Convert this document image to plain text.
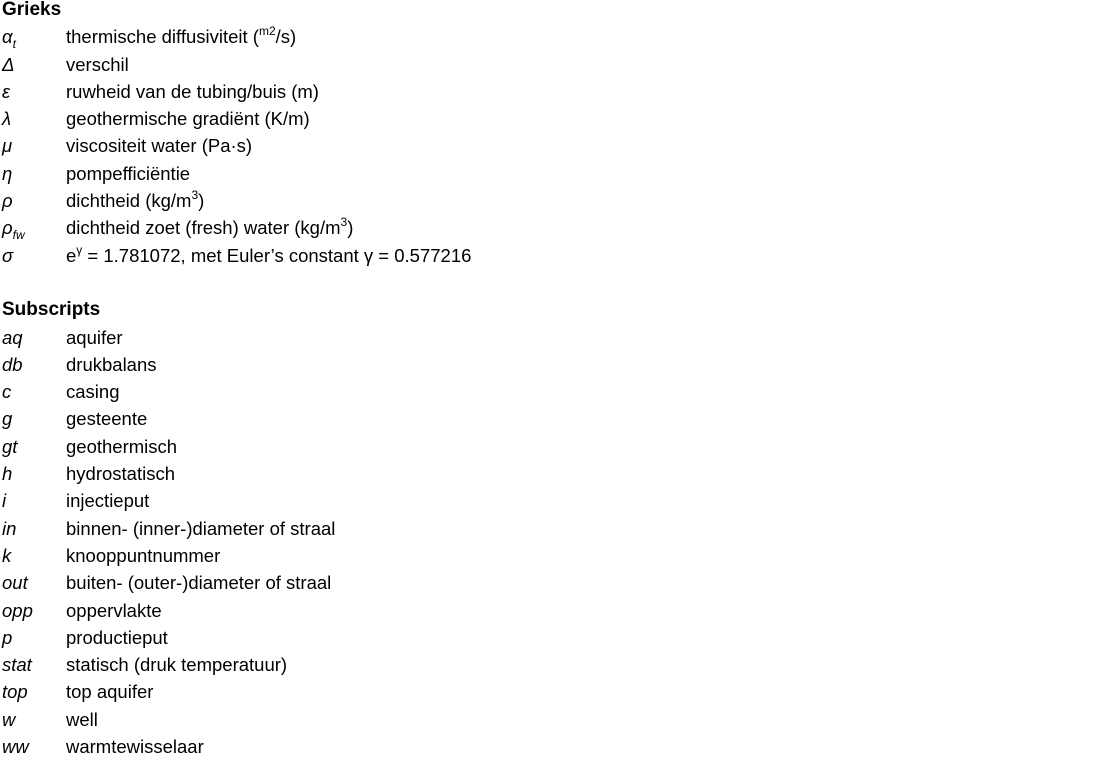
Grieks
$\alpha_t$	thermische diffusiviteit ($^{m2}$/s)
Δ	verschil
ε	ruwheid van de tubing/buis (m)
λ	geothermische gradiënt (K/m)
μ	viscositeit water (Pa·s)
η	pompefficiëntie
ρ	dichtheid $(kg/m^3)$
$\rho_{fw}$	dichtheid zoet (fresh) water $(kg/m^3)$
σ	$e^\gamma = 1.781072$, met Euler’s constant γ = 0.577216
Subscripts
aq	aquifer
db	drukbalans
c	casing
g	gesteente
gt	geothermisch
h	hydrostatisch
i	injectieput
in	binnen- (inner-)diameter of straal
k	knooppuntnummer
out	buiten- (outer-)diameter of straal
opp	oppervlakte
p	productieput
stat	statisch (druk temperatuur)
top	top aquifer
w	well
ww	warmtewisselaar
